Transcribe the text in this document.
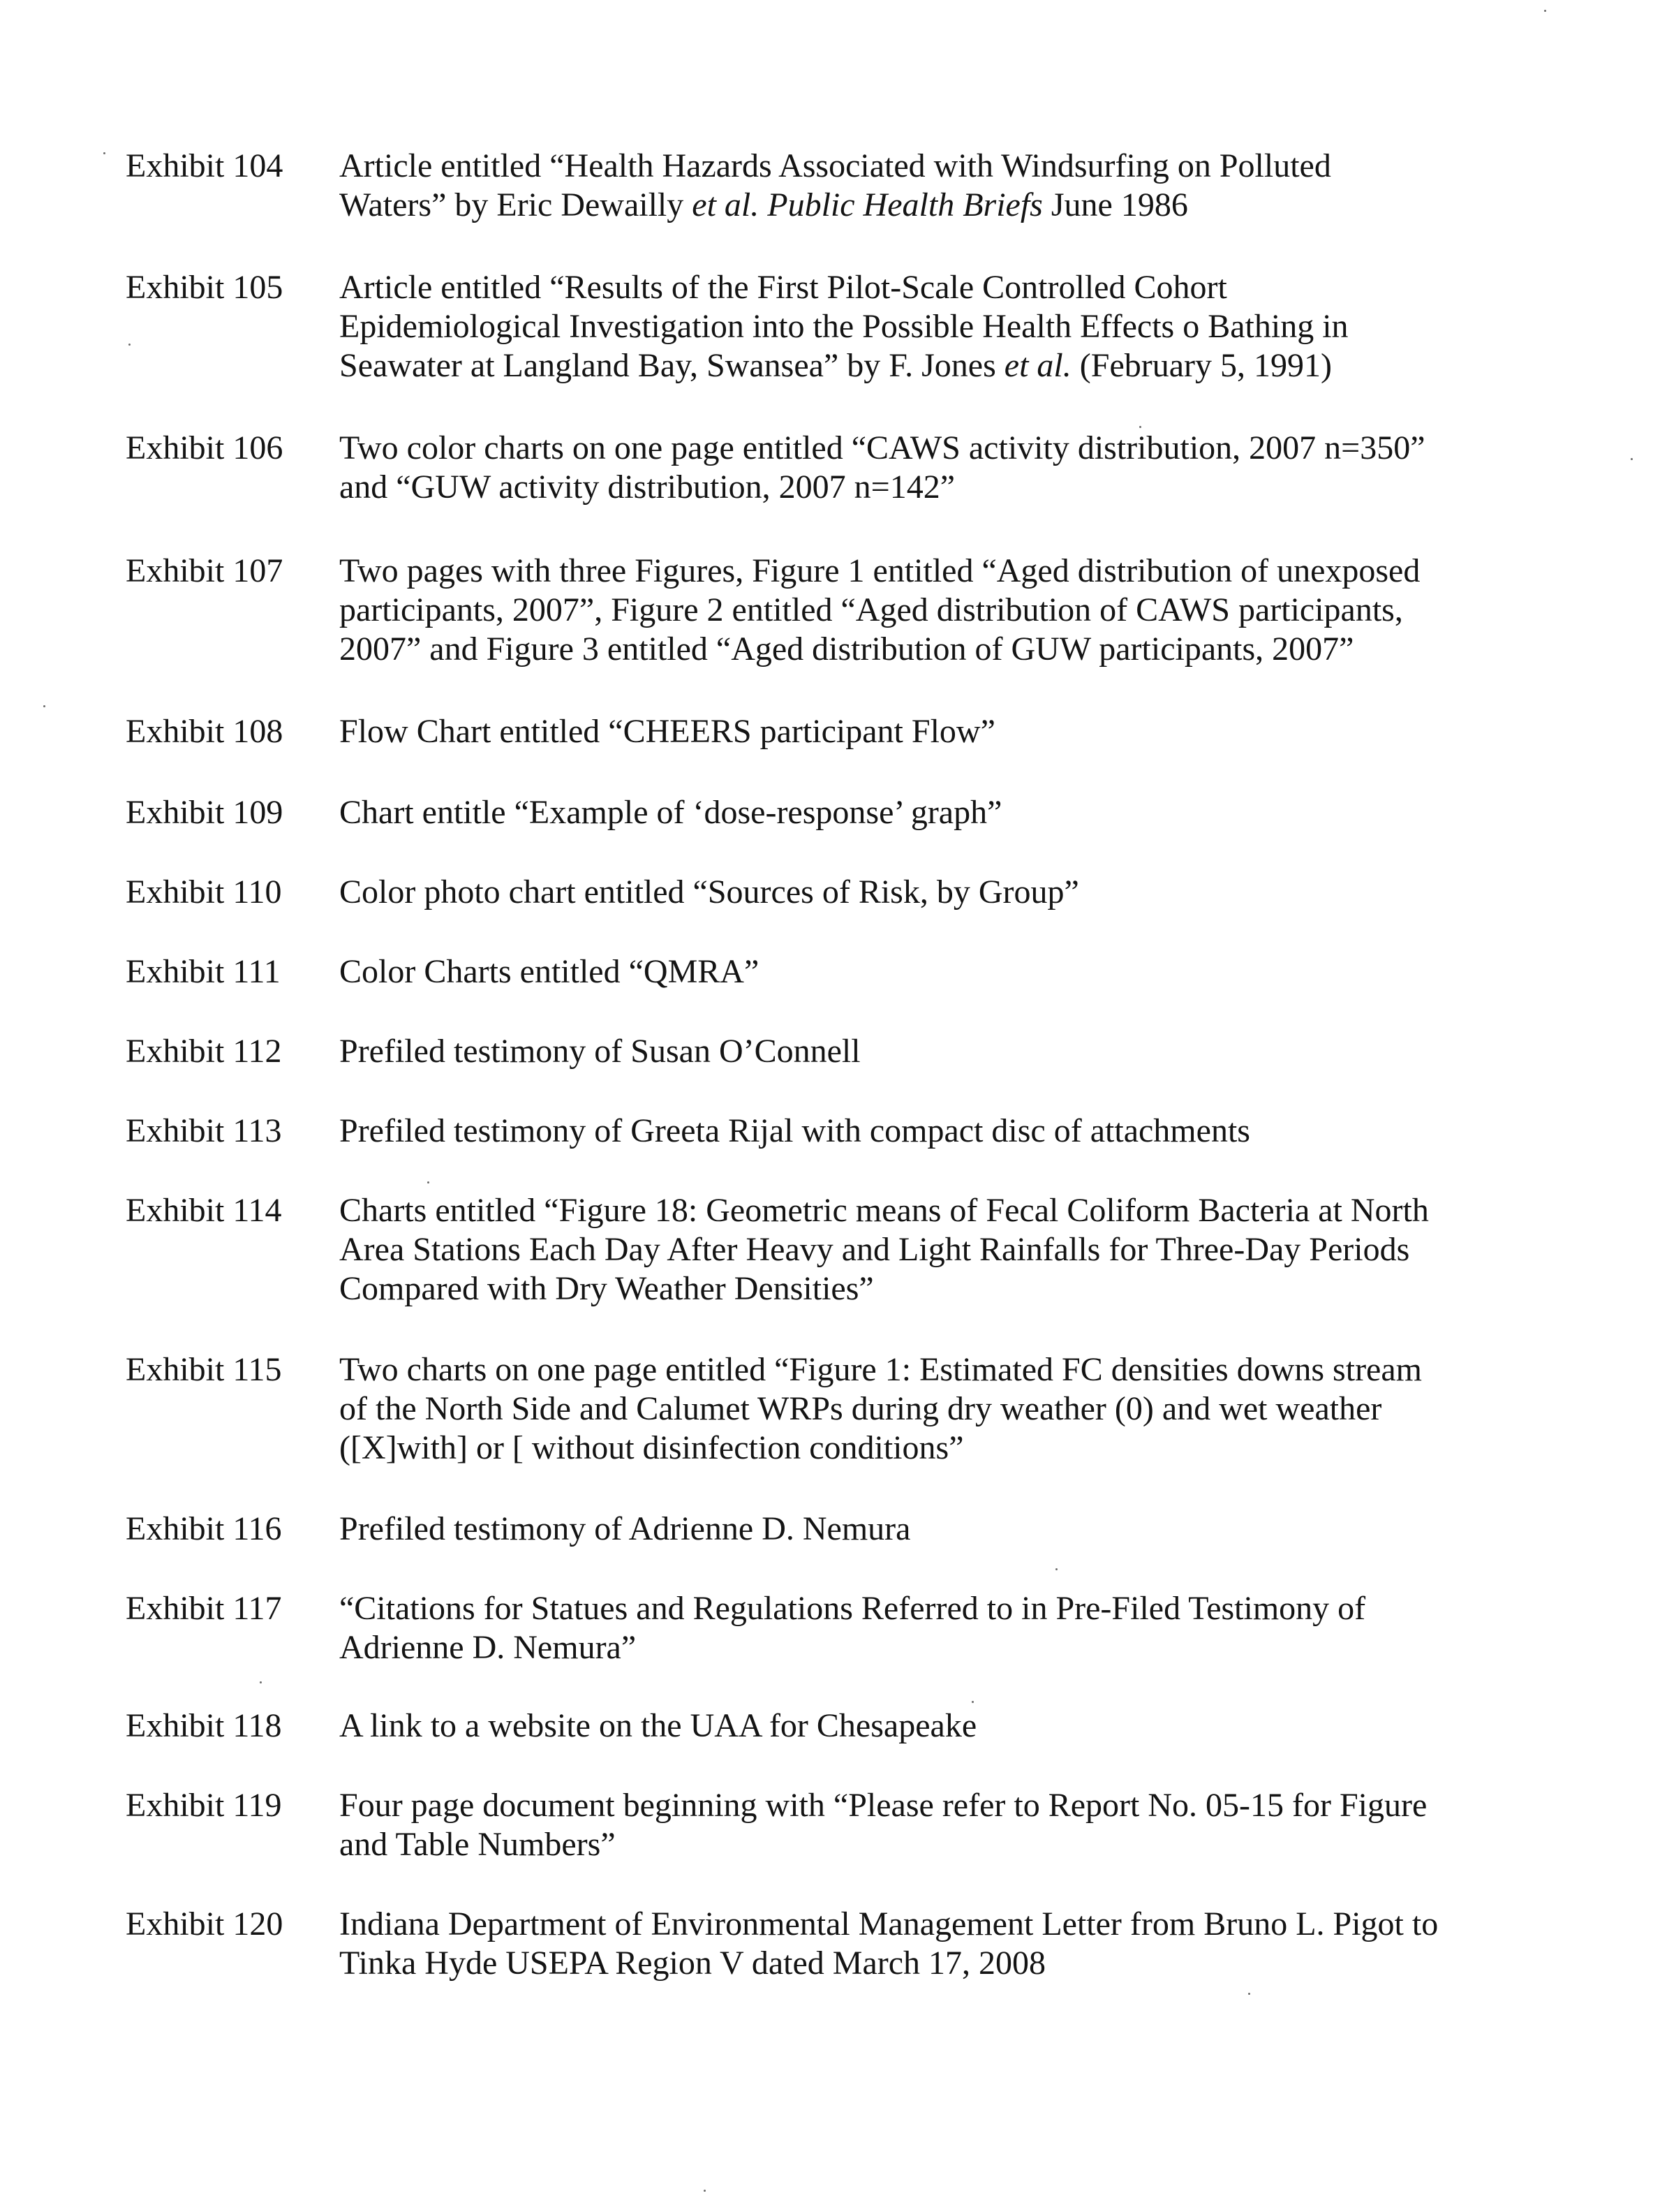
Exhibit 104	Article entitled “Health Hazards Associated with Windsurfing on Polluted
Waters” by Eric Dewailly et al. Public Health Briefs June 1986
Exhibit 105	Article entitled “Results of the First Pilot-Scale Controlled Cohort
Epidemiological Investigation into the Possible Health Effects o Bathing in
Seawater at Langland Bay, Swansea” by F. Jones et al. (February 5, 1991)
Exhibit 106	Two color charts on one page entitled “CAWS activity distribution, 2007 n=350”
and “GUW activity distribution, 2007 n=142”
Exhibit 107	Two pages with three Figures, Figure 1 entitled “Aged distribution of unexposed
participants, 2007”, Figure 2 entitled “Aged distribution of CAWS participants,
2007” and Figure 3 entitled “Aged distribution of GUW participants, 2007”
Exhibit 108	Flow Chart entitled “CHEERS participant Flow”
Exhibit 109	Chart entitle “Example of ‘dose-response’ graph”
Exhibit 110	Color photo chart entitled “Sources of Risk, by Group”
Exhibit 111	Color Charts entitled “QMRA”
Exhibit 112	Prefiled testimony of Susan O’Connell
Exhibit 113	Prefiled testimony of Greeta Rijal with compact disc of attachments
Exhibit 114	Charts entitled “Figure 18: Geometric means of Fecal Coliform Bacteria at North
Area Stations Each Day After Heavy and Light Rainfalls for Three-Day Periods
Compared with Dry Weather Densities”
Exhibit 115	Two charts on one page entitled “Figure 1: Estimated FC densities downs stream
of the North Side and Calumet WRPs during dry weather (0) and wet weather
([X]with] or [ without disinfection conditions”
Exhibit 116	Prefiled testimony of Adrienne D. Nemura
Exhibit 117	“Citations for Statues and Regulations Referred to in Pre-Filed Testimony of
Adrienne D. Nemura”
Exhibit 118	A link to a website on the UAA for Chesapeake
Exhibit 119	Four page document beginning with “Please refer to Report No. 05-15 for Figure
and Table Numbers”
Exhibit 120	Indiana Department of Environmental Management Letter from Bruno L. Pigot to
Tinka Hyde USEPA Region V dated March 17, 2008
